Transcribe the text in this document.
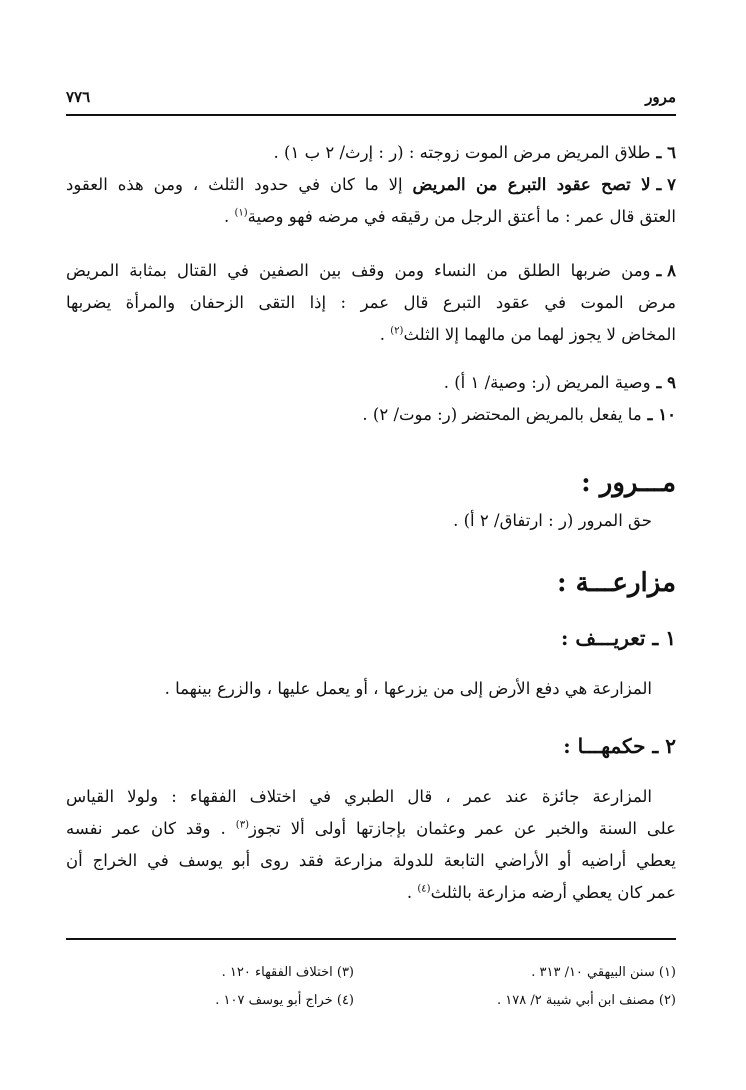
مرور
٧٧٦
٦ ـطلاق المريض مرض الموت زوجته : (ر : إرث/ ٢ ب ١) .
٧ ـلا تصح عقود التبرع من المريض إلا ما كان في حدود الثلث ، ومن هذه العقود
العتق قال عمر : ما أعتق الرجل من رقيقه في مرضه فهو وصية$^{(١)}$ .
٨ ـومن ضربها الطلق من النساء ومن وقف بين الصفين في القتال بمثابة المريض
مرض الموت في عقود التبرع قال عمر : إذا التقى الزحفان والمرأة يضربها
المخاض لا يجوز لهما من مالهما إلا الثلث$^{(٢)}$ .
٩ ـوصية المريض (ر: وصية/ ١ أ) .
١٠ ـما يفعل بالمريض المحتضر (ر: موت/ ٢) .
مـــرور :
حق المرور (ر : ارتفاق/ ٢ أ) .
مزارعـــة :
١ ـ تعريـــف :
المزارعة هي دفع الأرض إلى من يزرعها ، أو يعمل عليها ، والزرع بينهما .
٢ ـ حكمهـــا :
المزارعة جائزة عند عمر ، قال الطبري في اختلاف الفقهاء : ولولا القياس
على السنة والخبر عن عمر وعثمان بإجازتها أولى ألا تجوز$^{(٣)}$ . وقد كان عمر نفسه
يعطي أراضيه أو الأراضي التابعة للدولة مزارعة فقد روى أبو يوسف في الخراج أن
عمر كان يعطي أرضه مزارعة بالثلث$^{(٤)}$ .
(١) سنن البيهقي ١٠/ ٣١٣ .
(٢) مصنف ابن أبي شيبة ٢/ ١٧٨ .
(٣) اختلاف الفقهاء ١٢٠ .
(٤) خراج أبو يوسف ١٠٧ .
